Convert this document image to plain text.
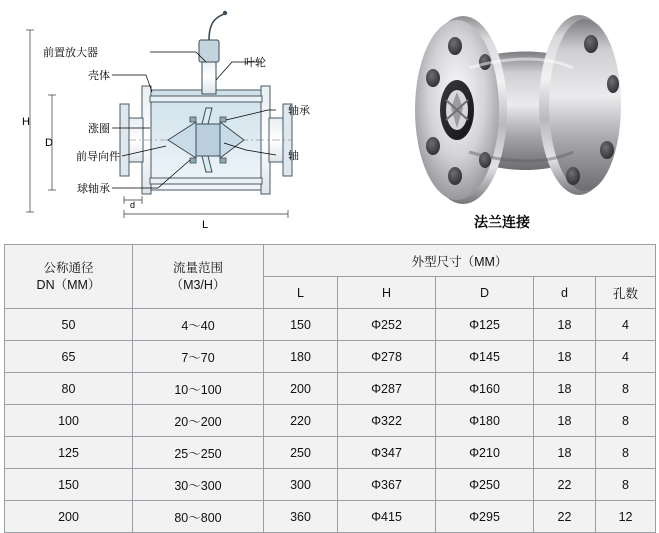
前置放大器
叶轮
壳体
轴承
涨圈
前导向件	轴
球轴承
H
D
d
L	法兰连接
公称通径
DN（MM）

流量范围
（M3/H）
	外型尺寸（MM）
		L	H	D	d	孔数
50	4～40	150	Φ252	Φ125	18	4
65	7～70	180	Φ278	Φ145	18	4
80	10～100	200	Φ287	Φ160	18	8
100	20～200	220	Φ322	Φ180	18	8
125	25～250	250	Φ347	Φ210	18	8
150	30～300	300	Φ367	Φ250	22	8
200	80～800	360	Φ415	Φ295	22	12
